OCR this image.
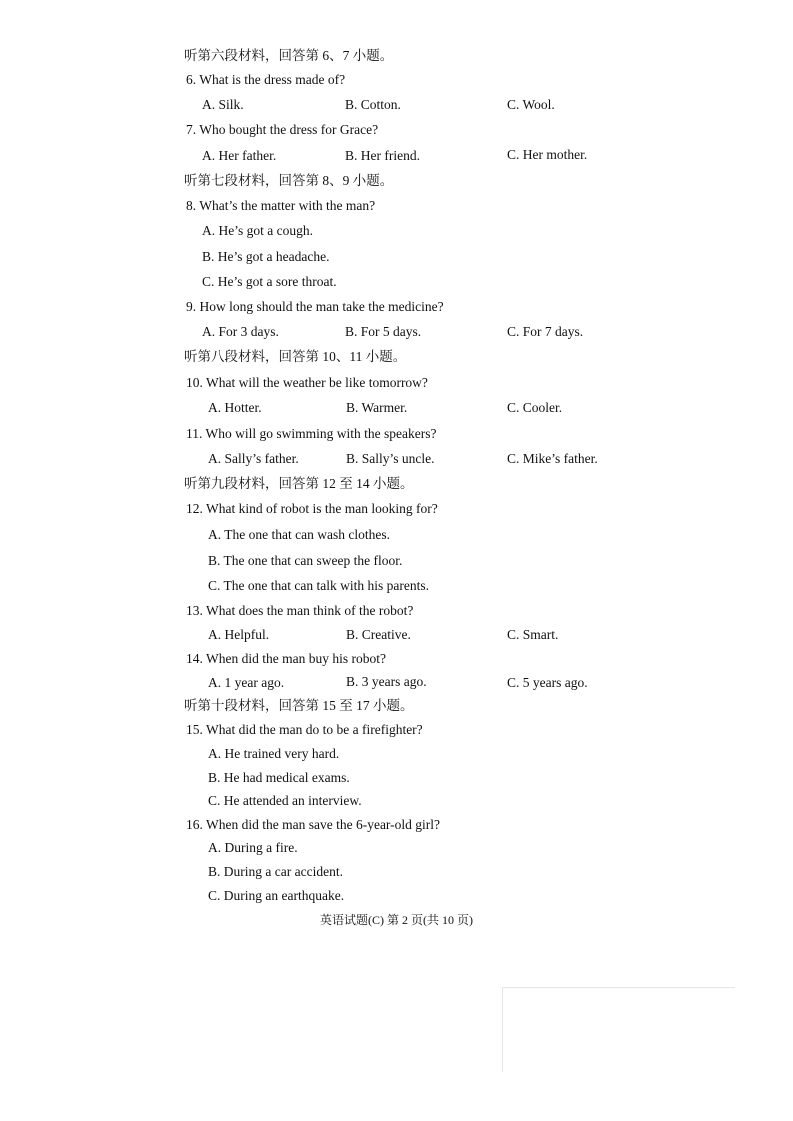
听第六段材料，回答第 6、7 小题。
6. What is the dress made of?
A. Silk.	B. Cotton.	C. Wool.
7. Who bought the dress for Grace?
A. Her father.	B. Her friend.	C. Her mother.
听第七段材料，回答第 8、9 小题。
8. What’s the matter with the man?
A. He’s got a cough.
B. He’s got a headache.
C. He’s got a sore throat.
9. How long should the man take the medicine?
A. For 3 days.	B. For 5 days.	C. For 7 days.
听第八段材料，回答第 10、11 小题。
10. What will the weather be like tomorrow?
A. Hotter.	B. Warmer.	C. Cooler.
11. Who will go swimming with the speakers?
A. Sally’s father.	B. Sally’s uncle.	C. Mike’s father.
听第九段材料，回答第 12 至 14 小题。
12. What kind of robot is the man looking for?
A. The one that can wash clothes.
B. The one that can sweep the floor.
C. The one that can talk with his parents.
13. What does the man think of the robot?
A. Helpful.	B. Creative.	C. Smart.
14. When did the man buy his robot?
A. 1 year ago.	B. 3 years ago.	C. 5 years ago.
听第十段材料，回答第 15 至 17 小题。
15. What did the man do to be a firefighter?
A. He trained very hard.
B. He had medical exams.
C. He attended an interview.
16. When did the man save the 6-year-old girl?
A. During a fire.
B. During a car accident.
C. During an earthquake.
英语试题(C) 第 2 页(共 10 页)
